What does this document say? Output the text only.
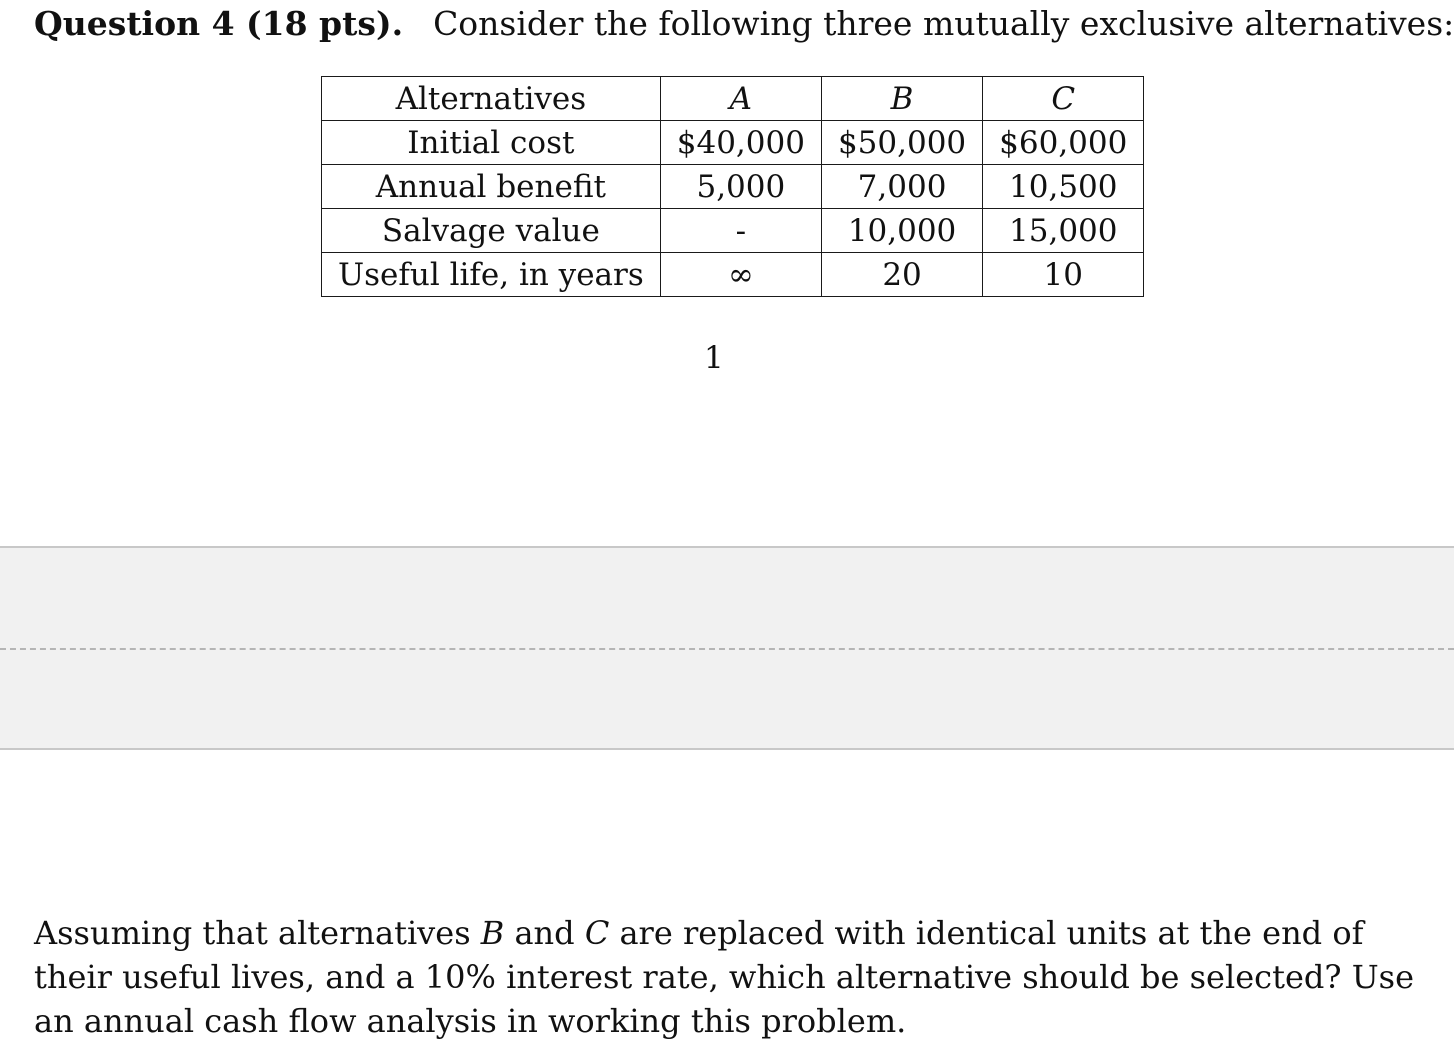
Question 4 (18 pts). Consider the following three mutually exclusive alternatives:
Alternatives	A	B	C
Initial cost	$40,000	$50,000	$60,000
Annual benefit	5,000	7,000	10,500
Salvage value	-	10,000	15,000
Useful life, in years	∞	20	10
1

Assuming that alternatives B and C are replaced with identical units at the end of their useful lives, and a 10% interest rate, which alternative should be selected? Use an annual cash flow analysis in working this problem.
